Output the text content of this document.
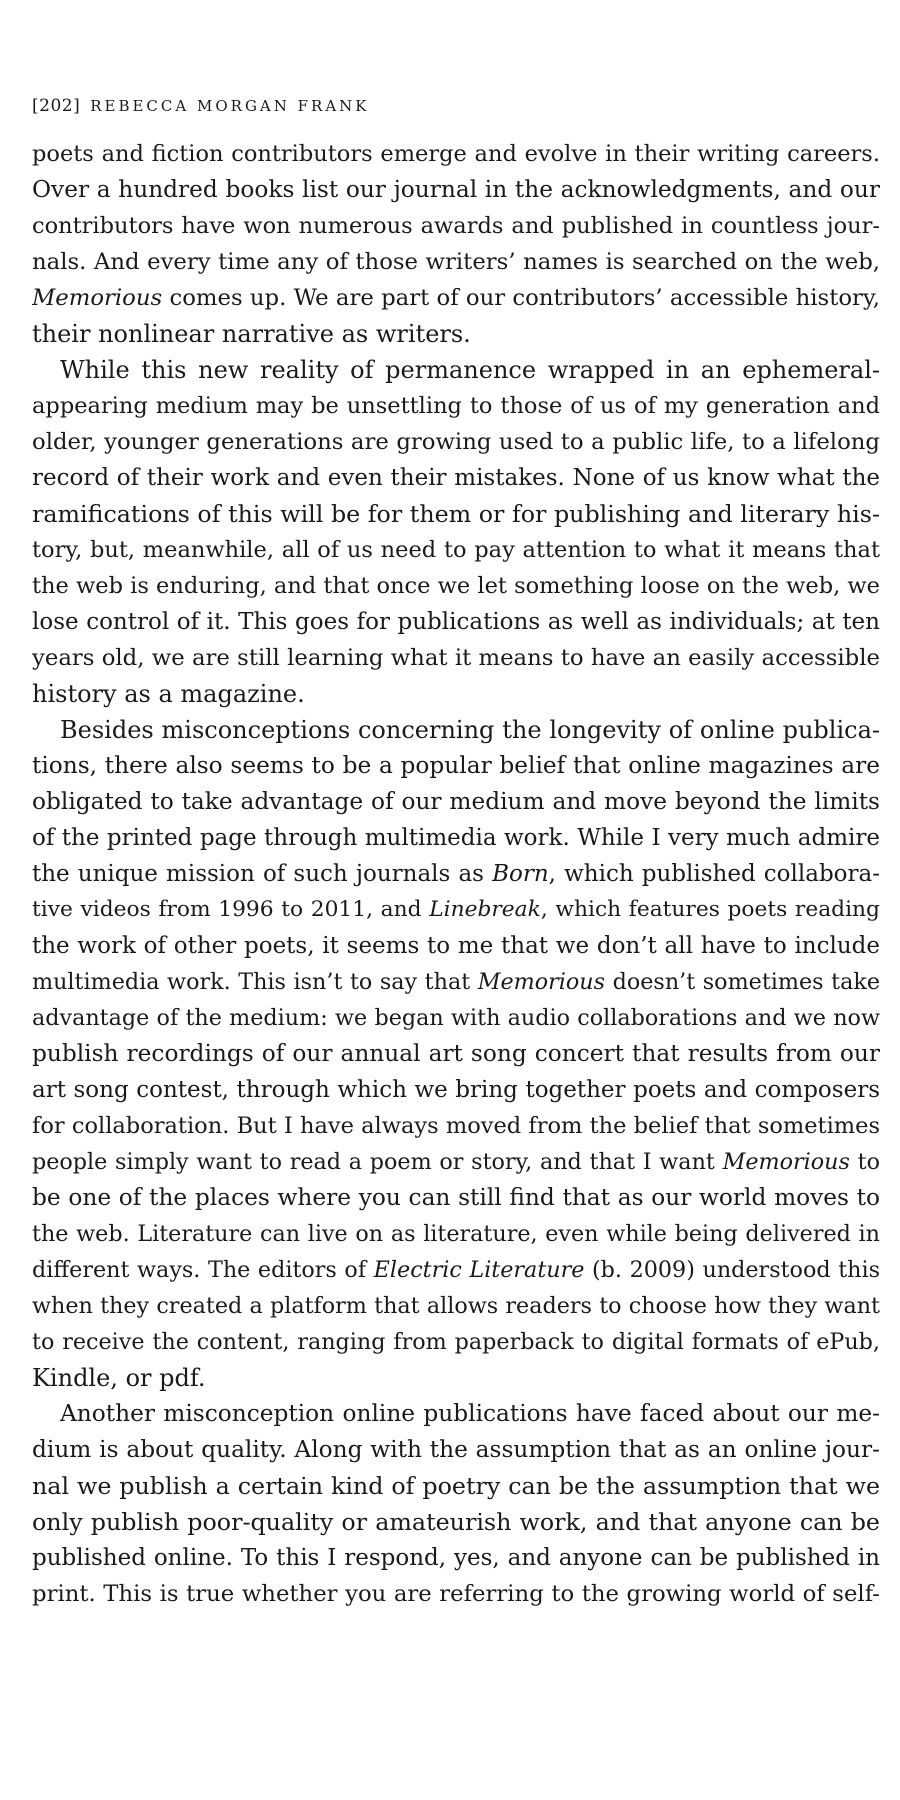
[202] REBECCA MORGAN FRANK
poets and fiction contributors emerge and evolve in their writing careers.
Over a hundred books list our journal in the acknowledgments, and our
contributors have won numerous awards and published in countless jour-
nals. And every time any of those writers’ names is searched on the web,
Memorious comes up. We are part of our contributors’ accessible history,
their nonlinear narrative as writers.
While this new reality of permanence wrapped in an ephemeral-
appearing medium may be unsettling to those of us of my generation and
older, younger generations are growing used to a public life, to a lifelong
record of their work and even their mistakes. None of us know what the
ramifications of this will be for them or for publishing and literary his-
tory, but, meanwhile, all of us need to pay attention to what it means that
the web is enduring, and that once we let something loose on the web, we
lose control of it. This goes for publications as well as individuals; at ten
years old, we are still learning what it means to have an easily accessible
history as a magazine.
Besides misconceptions concerning the longevity of online publica-
tions, there also seems to be a popular belief that online magazines are
obligated to take advantage of our medium and move beyond the limits
of the printed page through multimedia work. While I very much admire
the unique mission of such journals as Born, which published collabora-
tive videos from 1996 to 2011, and Linebreak, which features poets reading
the work of other poets, it seems to me that we don’t all have to include
multimedia work. This isn’t to say that Memorious doesn’t sometimes take
advantage of the medium: we began with audio collaborations and we now
publish recordings of our annual art song concert that results from our
art song contest, through which we bring together poets and composers
for collaboration. But I have always moved from the belief that sometimes
people simply want to read a poem or story, and that I want Memorious to
be one of the places where you can still find that as our world moves to
the web. Literature can live on as literature, even while being delivered in
different ways. The editors of Electric Literature (b. 2009) understood this
when they created a platform that allows readers to choose how they want
to receive the content, ranging from paperback to digital formats of ePub,
Kindle, or pdf.
Another misconception online publications have faced about our me-
dium is about quality. Along with the assumption that as an online jour-
nal we publish a certain kind of poetry can be the assumption that we
only publish poor-quality or amateurish work, and that anyone can be
published online. To this I respond, yes, and anyone can be published in
print. This is true whether you are referring to the growing world of self-
